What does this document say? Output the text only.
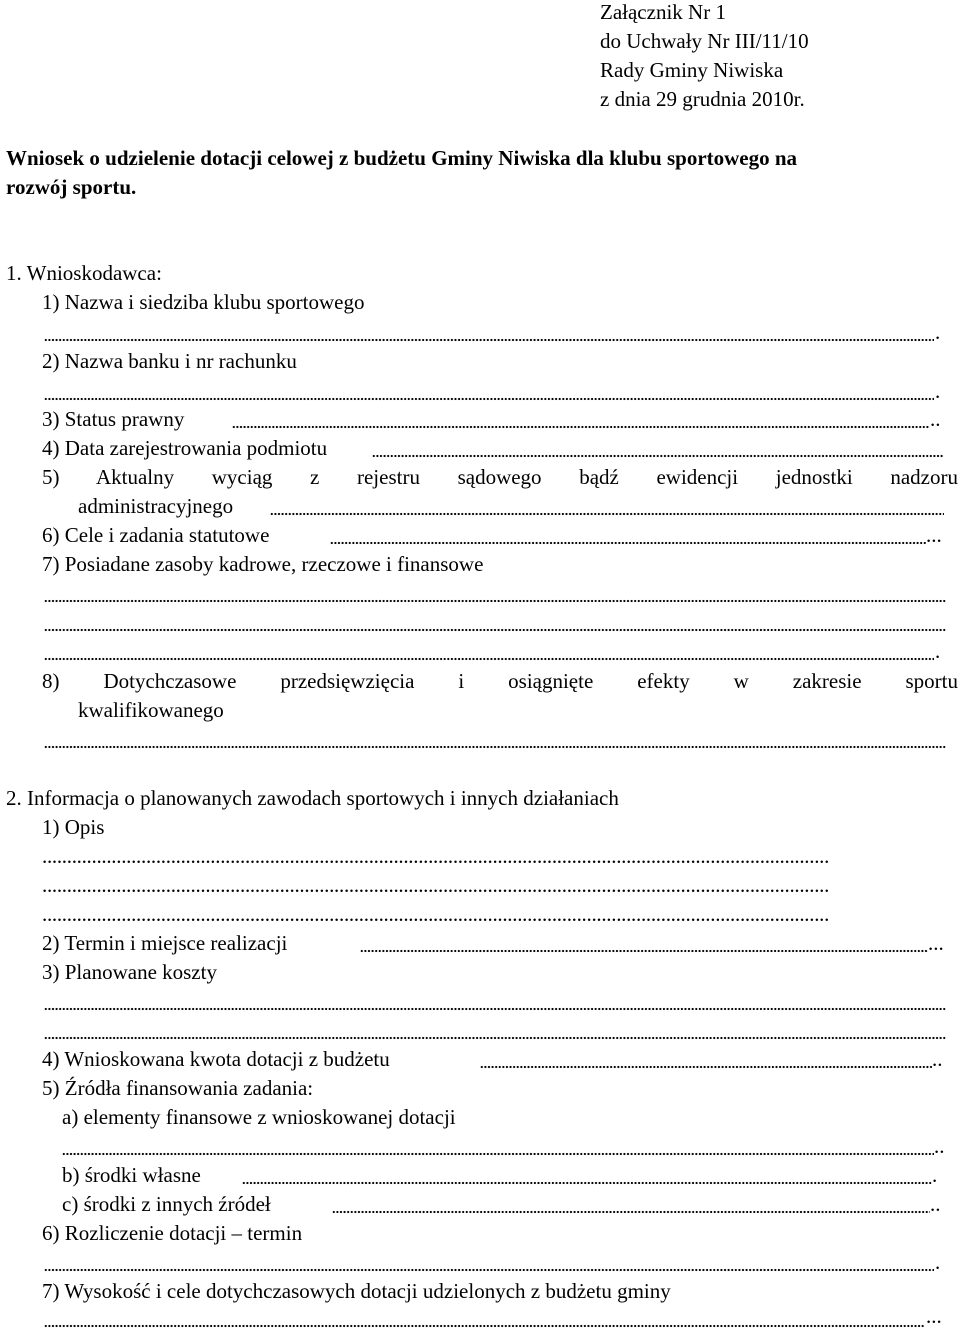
Załącznik Nr 1
do Uchwały Nr III/11/10
Rady Gminy Niwiska
z dnia 29 grudnia 2010r.
Wniosek o udzielenie dotacji celowej z budżetu Gminy Niwiska dla klubu sportowego na
rozwój sportu.
1. Wnioskodawca:
1) Nazwa i siedziba klubu sportowego
.
2) Nazwa banku i nr rachunku
.
3) Status prawny	..
4) Data zarejestrowania podmiotu
5) Aktualny wyciąg z rejestru sądowego bądź ewidencji jednostki nadzoru
administracyjnego
6) Cele i zadania statutowe	...
7) Posiadane zasoby kadrowe, rzeczowe i finansowe
.
8) Dotychczasowe przedsięwzięcia i osiągnięte efekty w zakresie sportu
kwalifikowanego
2. Informacja o planowanych zawodach sportowych i innych działaniach
1) Opis
...............................................................................................................................................................
...............................................................................................................................................................
...............................................................................................................................................................
2) Termin i miejsce realizacji	...
3) Planowane koszty
4) Wnioskowana kwota dotacji z budżetu	..
5) Źródła finansowania zadania:
a) elementy finansowe z wnioskowanej dotacji
..
b) środki własne	.
c) środki z innych źródeł	..
6) Rozliczenie dotacji – termin
.
7) Wysokość i cele dotychczasowych dotacji udzielonych z budżetu gminy
...
